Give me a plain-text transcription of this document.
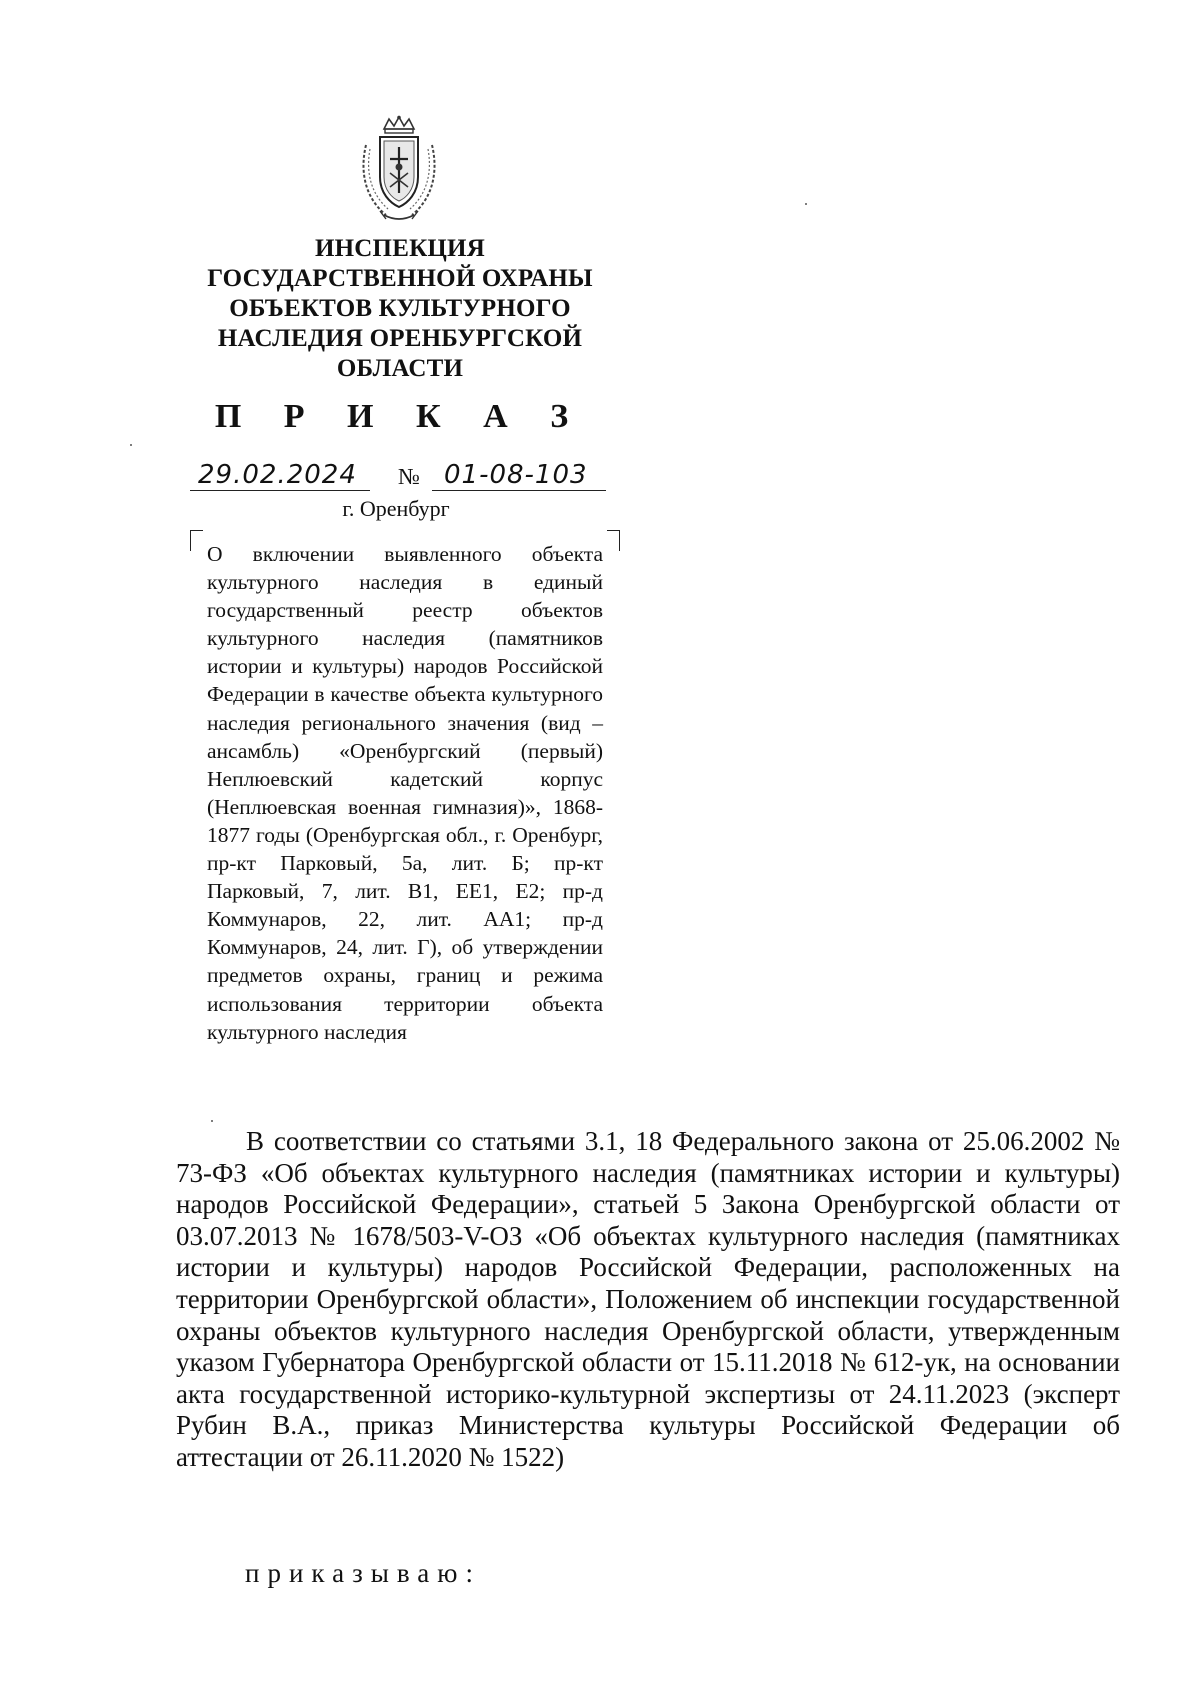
ИНСПЕКЦИЯ
ГОСУДАРСТВЕННОЙ ОХРАНЫ
ОБЪЕКТОВ КУЛЬТУРНОГО
НАСЛЕДИЯ ОРЕНБУРГСКОЙ
ОБЛАСТИ
П Р И К А З
29.02.2024	№ 01-08-103
г. Оренбург
О включении выявленного объекта культурного наследия в единый государственный реестр объектов культурного наследия (памятников истории и культуры) народов Российской Федерации в качестве объекта культурного наследия регионального значения (вид – ансамбль) «Оренбургский (первый) Неплюевский кадетский корпус (Неплюевская военная гимназия)», 1868-1877 годы (Оренбургская обл., г. Оренбург, пр-кт Парковый, 5а, лит. Б; пр-кт Парковый, 7, лит. В1, ЕЕ1, Е2; пр-д Коммунаров, 22, лит. АА1; пр-д Коммунаров, 24, лит. Г), об утверждении предметов охраны, границ и режима использования территории объекта культурного наследия
В соответствии со статьями 3.1, 18 Федерального закона от 25.06.2002 № 73-ФЗ «Об объектах культурного наследия (памятниках истории и культуры) народов Российской Федерации», статьей 5 Закона Оренбургской области от 03.07.2013 № 1678/503-V-ОЗ «Об объектах культурного наследия (памятниках истории и культуры) народов Российской Федерации, расположенных на территории Оренбургской области», Положением об инспекции государственной охраны объектов культурного наследия Оренбургской области, утвержденным указом Губернатора Оренбургской области от 15.11.2018 № 612-ук, на основании акта государственной историко-культурной экспертизы от 24.11.2023 (эксперт Рубин В.А., приказ Министерства культуры Российской Федерации об аттестации от 26.11.2020 № 1522)
приказываю:
